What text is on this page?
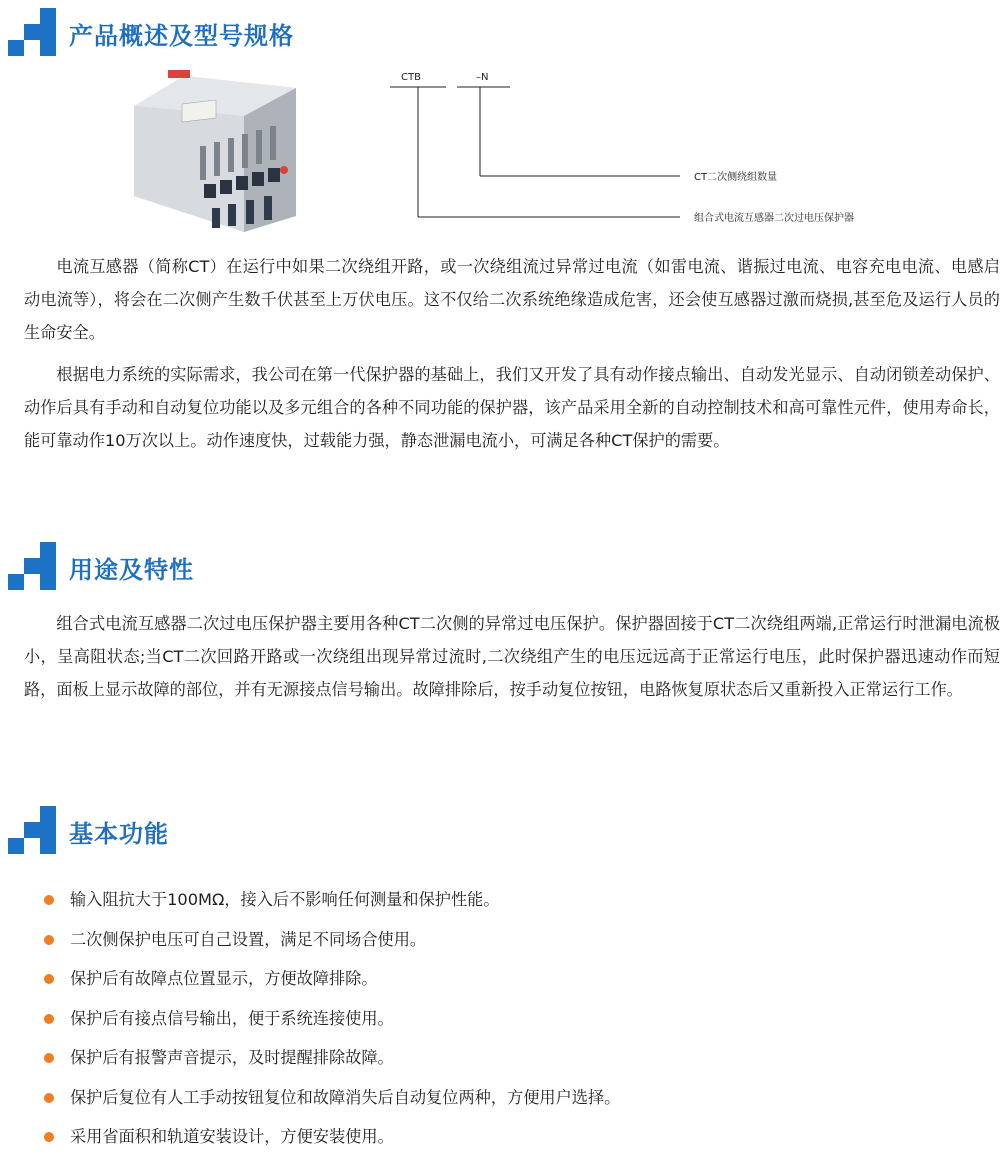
产品概述及型号规格
CTB	–N
CT二次侧绕组数量
组合式电流互感器二次过电压保护器

电流互感器（简称CT）在运行中如果二次绕组开路，或一次绕组流过异常过电流（如雷电流、谐振过电流、电容充电电流、电感启动电流等），将会在二次侧产生数千伏甚至上万伏电压。这不仅给二次系统绝缘造成危害，还会使互感器过激而烧损,甚至危及运行人员的生命安全。

根据电力系统的实际需求，我公司在第一代保护器的基础上，我们又开发了具有动作接点输出、自动发光显示、自动闭锁差动保护、动作后具有手动和自动复位功能以及多元组合的各种不同功能的保护器，该产品采用全新的自动控制技术和高可靠性元件，使用寿命长，能可靠动作10万次以上。动作速度快，过载能力强，静态泄漏电流小，可满足各种CT保护的需要。

用途及特性

组合式电流互感器二次过电压保护器主要用各种CT二次侧的异常过电压保护。保护器固接于CT二次绕组两端,正常运行时泄漏电流极小，呈高阻状态;当CT二次回路开路或一次绕组出现异常过流时,二次绕组产生的电压远远高于正常运行电压，此时保护器迅速动作而短路，面板上显示故障的部位，并有无源接点信号输出。故障排除后，按手动复位按钮，电路恢复原状态后又重新投入正常运行工作。

基本功能
输入阻抗大于100MΩ，接入后不影响任何测量和保护性能。
二次侧保护电压可自己设置，满足不同场合使用。
保护后有故障点位置显示，方便故障排除。
保护后有接点信号输出，便于系统连接使用。
保护后有报警声音提示，及时提醒排除故障。
保护后复位有人工手动按钮复位和故障消失后自动复位两种，方便用户选择。
采用省面积和轨道安装设计，方便安装使用。
